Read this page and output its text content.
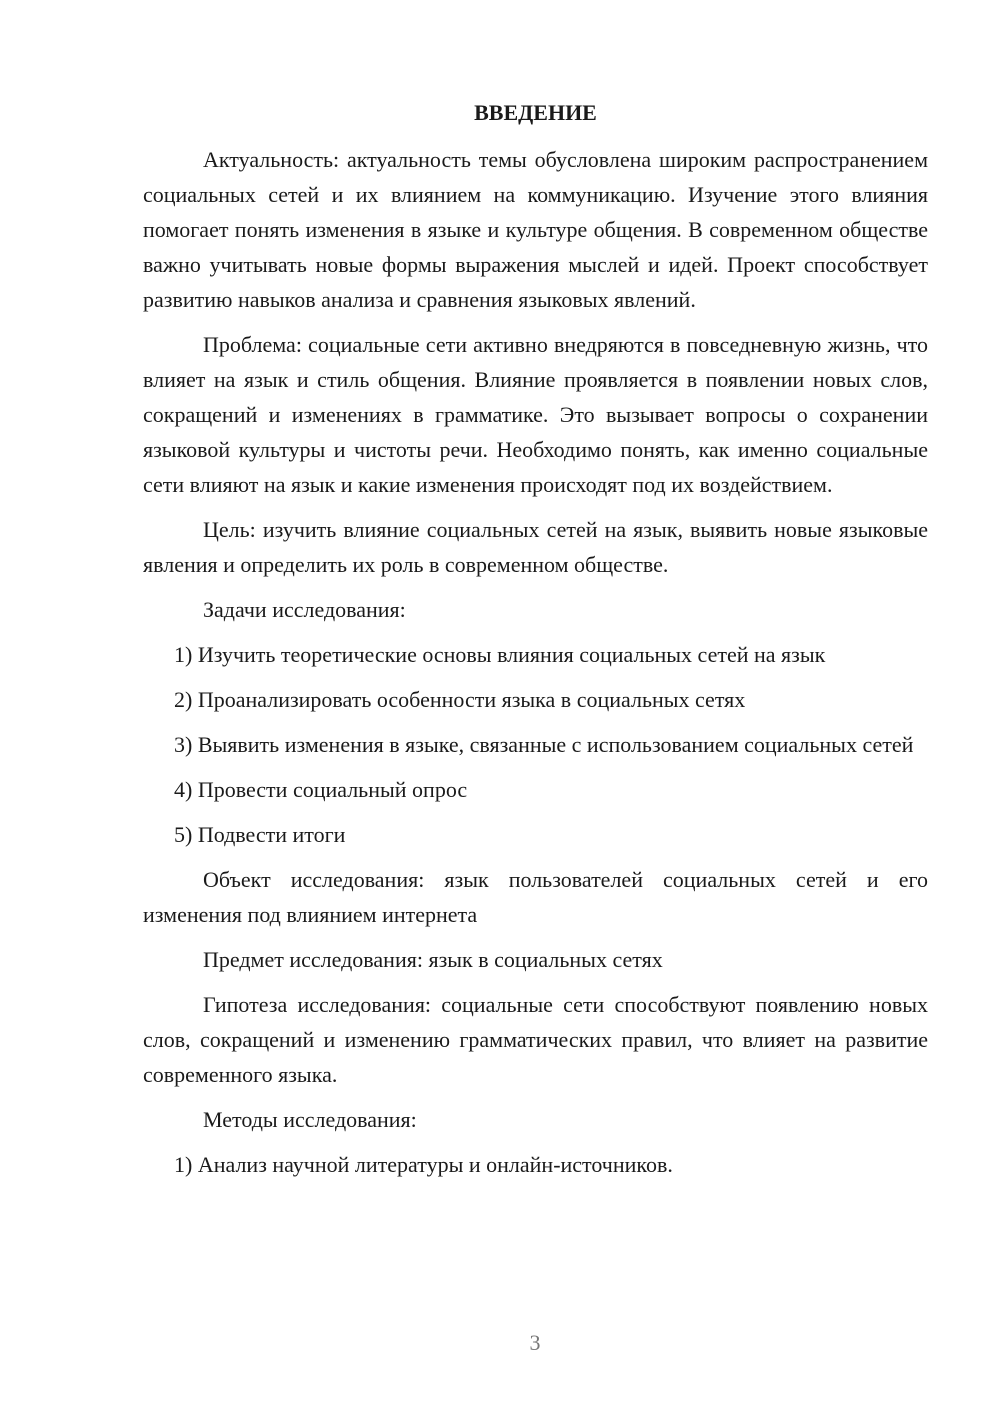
ВВЕДЕНИЕ

Актуальность: актуальность темы обусловлена широким распространением социальных сетей и их влиянием на коммуникацию. Изучение этого влияния помогает понять изменения в языке и культуре общения. В современном обществе важно учитывать новые формы выражения мыслей и идей. Проект способствует развитию навыков анализа и сравнения языковых явлений.

Проблема: социальные сети активно внедряются в повседневную жизнь, что влияет на язык и стиль общения. Влияние проявляется в появлении новых слов, сокращений и изменениях в грамматике. Это вызывает вопросы о сохранении языковой культуры и чистоты речи. Необходимо понять, как именно социальные сети влияют на язык и какие изменения происходят под их воздействием.

Цель: изучить влияние социальных сетей на язык, выявить новые языковые явления и определить их роль в современном обществе.

Задачи исследования:

1) Изучить теоретические основы влияния социальных сетей на язык

2) Проанализировать особенности языка в социальных сетях

3) Выявить изменения в языке, связанные с использованием социальных сетей

4) Провести социальный опрос

5) Подвести итоги

Объект исследования: язык пользователей социальных сетей и его изменения под влиянием интернета

Предмет исследования: язык в социальных сетях

Гипотеза исследования: социальные сети способствуют появлению новых слов, сокращений и изменению грамматических правил, что влияет на развитие современного языка.

Методы исследования:

1) Анализ научной литературы и онлайн-источников.

3
